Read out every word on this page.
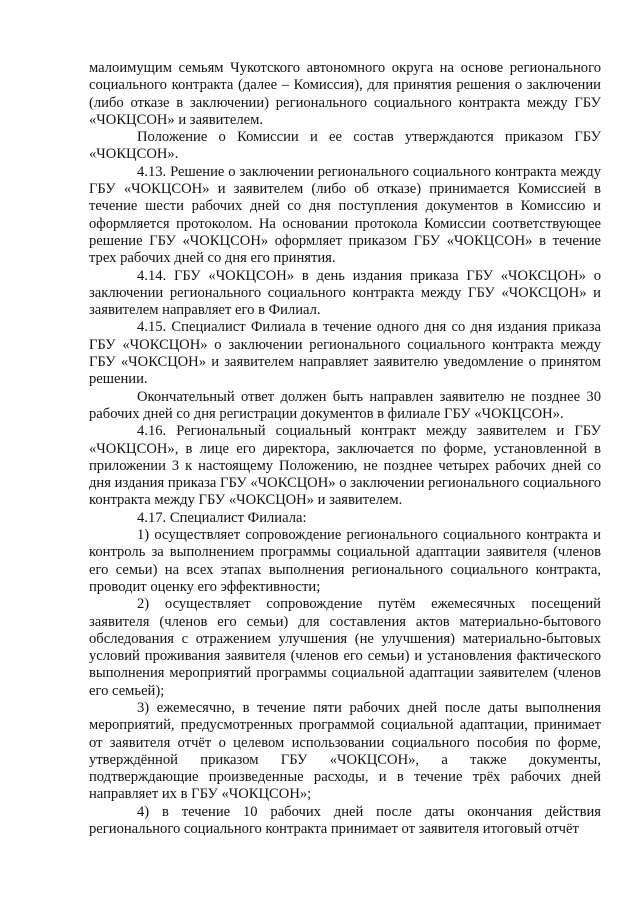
малоимущим семьям Чукотского автономного округа на основе регионального социального контракта (далее – Комиссия), для принятия решения о заключении (либо отказе в заключении) регионального социального контракта между ГБУ «ЧОКЦСОН» и заявителем.

Положение о Комиссии и ее состав утверждаются приказом ГБУ «ЧОКЦСОН».

4.13. Решение о заключении регионального социального контракта между ГБУ «ЧОКЦСОН» и заявителем (либо об отказе) принимается Комиссией в течение шести рабочих дней со дня поступления документов в Комиссию и оформляется протоколом. На основании протокола Комиссии соответствующее решение ГБУ «ЧОКЦСОН» оформляет приказом ГБУ «ЧОКЦСОН» в течение трех рабочих дней со дня его принятия.

4.14. ГБУ «ЧОКЦСОН» в день издания приказа ГБУ «ЧОКСЦОН» о заключении регионального социального контракта между ГБУ «ЧОКСЦОН» и заявителем направляет его в Филиал.

4.15. Специалист Филиала в течение одного дня со дня издания приказа ГБУ «ЧОКСЦОН» о заключении регионального социального контракта между ГБУ «ЧОКСЦОН» и заявителем направляет заявителю уведомление о принятом решении.

Окончательный ответ должен быть направлен заявителю не позднее 30 рабочих дней со дня регистрации документов в филиале ГБУ «ЧОКЦСОН».

4.16. Региональный социальный контракт между заявителем и ГБУ «ЧОКЦСОН», в лице его директора, заключается по форме, установленной в приложении 3 к настоящему Положению, не позднее четырех рабочих дней со дня издания приказа ГБУ «ЧОКСЦОН» о заключении регионального социального контракта между ГБУ «ЧОКСЦОН» и заявителем.

4.17. Специалист Филиала:

1) осуществляет сопровождение регионального социального контракта и контроль за выполнением программы социальной адаптации заявителя (членов его семьи) на всех этапах выполнения регионального социального контракта, проводит оценку его эффективности;

2) осуществляет сопровождение путём ежемесячных посещений заявителя (членов его семьи) для составления актов материально-бытового обследования с отражением улучшения (не улучшения) материально-бытовых условий проживания заявителя (членов его семьи) и установления фактического выполнения мероприятий программы социальной адаптации заявителем (членов его семьей);

3) ежемесячно, в течение пяти рабочих дней после даты выполнения мероприятий, предусмотренных программой социальной адаптации, принимает от заявителя отчёт о целевом использовании социального пособия по форме, утверждённой приказом ГБУ «ЧОКЦСОН», а также документы, подтверждающие произведенные расходы, и в течение трёх рабочих дней направляет их в ГБУ «ЧОКЦСОН»;

4) в течение 10 рабочих дней после даты окончания действия регионального социального контракта принимает от заявителя итоговый отчёт
